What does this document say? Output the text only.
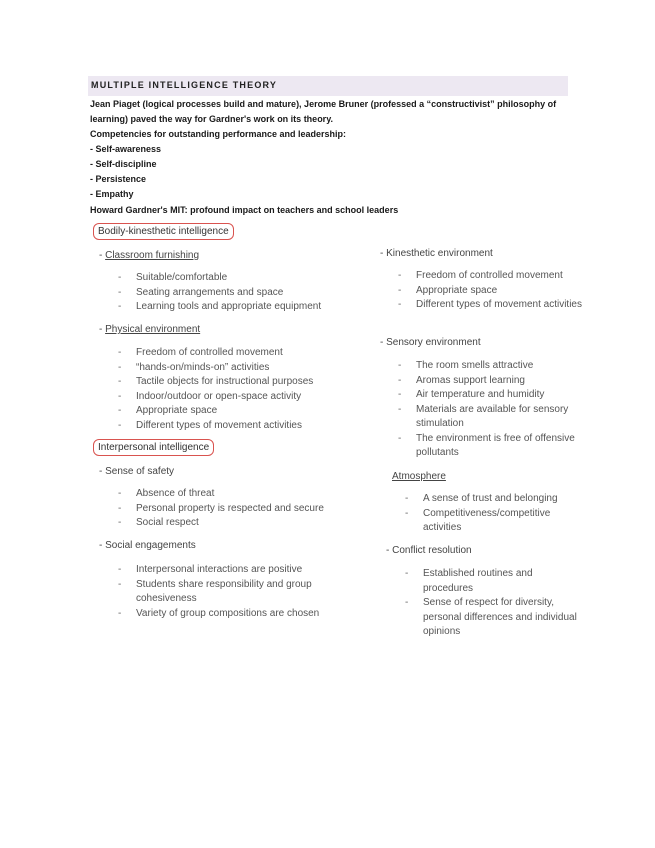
MULTIPLE INTELLIGENCE THEORY
Jean Piaget (logical processes build and mature), Jerome Bruner (professed a “constructivist” philosophy of
learning) paved the way for Gardner's work on its theory.
Competencies for outstanding performance and leadership:
- Self-awareness
- Self-discipline
- Persistence
- Empathy
Howard Gardner's MIT: profound impact on teachers and school leaders
Bodily-kinesthetic intelligence
- Classroom furnishing
- Suitable/comfortable
- Seating arrangements and space
- Learning tools and appropriate equipment
- Physical environment
- Freedom of controlled movement
- “hands-on/minds-on” activities
- Tactile objects for instructional purposes
- Indoor/outdoor or open-space activity
- Appropriate space
- Different types of movement activities
Interpersonal intelligence
- Sense of safety
- Absence of threat
- Personal property is respected and secure
- Social respect
- Social engagements
- Interpersonal interactions are positive
- Students share responsibility and group cohesiveness
- Variety of group compositions are chosen
- Kinesthetic environment
- Freedom of controlled movement
- Appropriate space
- Different types of movement activities
- Sensory environment
- The room smells attractive
- Aromas support learning
- Air temperature and humidity
- Materials are available for sensory stimulation
- The environment is free of offensive pollutants
Atmosphere
- A sense of trust and belonging
- Competitiveness/competitive activities
- Conflict resolution
- Established routines and procedures
- Sense of respect for diversity, personal differences and individual opinions
